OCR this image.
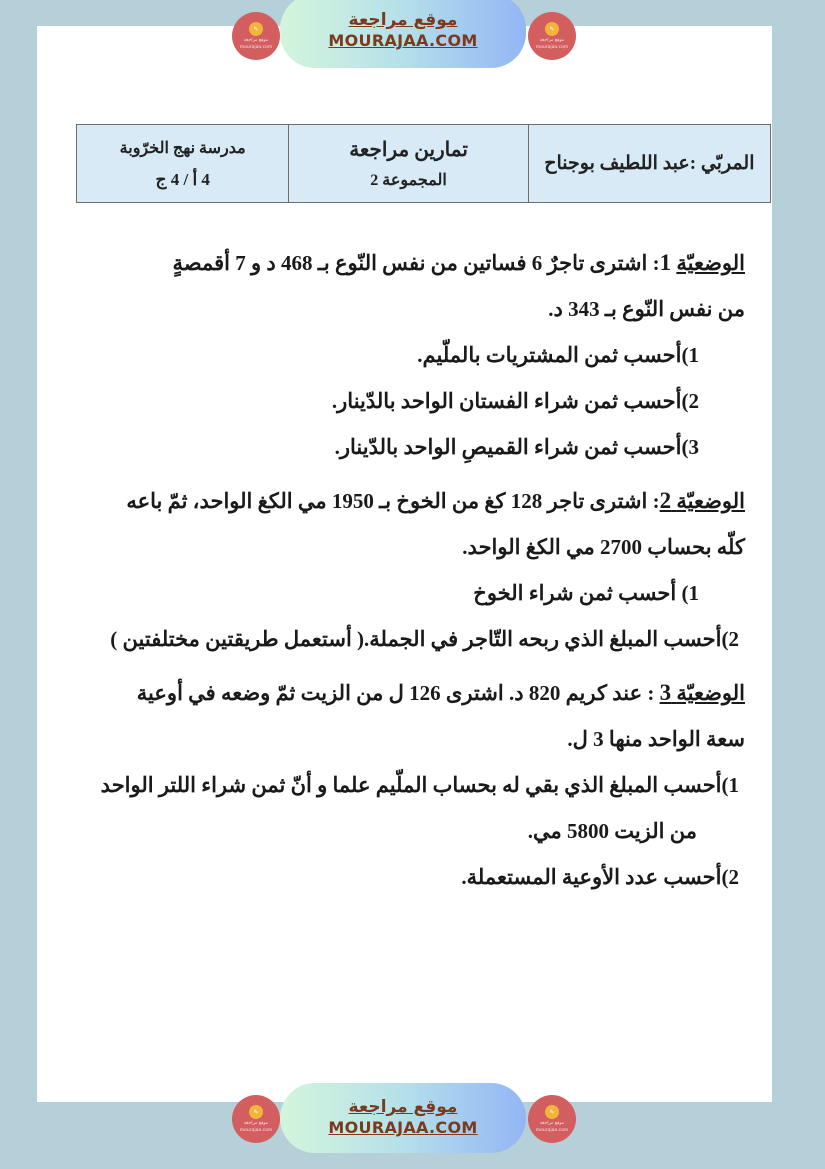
✎
موقع مراجعة
mourajaa.com
موقع مراجعة
MOURAJAA.COM
✎
موقع مراجعة
mourajaa.com
المربّي :عبد اللطيف بوجناح
تمارين مراجعة
المجموعة 2
مدرسة نهج الخرّوبة
4 أ / 4 ج
الوضعيّة 1: اشترى تاجرٌ 6 فساتين من نفس النّوع بـ 468 د و 7 أقمصةٍ
من نفس النّوع بـ 343 د.
1)أحسب ثمن المشتريات بالملّيم.
2)أحسب ثمن شراء الفستان الواحد بالدّينار.
3)أحسب ثمن شراء القميصِ الواحد بالدّينار.
الوضعيّة 2: اشترى تاجر 128 كغ من الخوخ بـ 1950 مي الكغ الواحد، ثمّ باعه
كلّه بحساب 2700 مي الكغ الواحد.
1) أحسب ثمن شراء الخوخ
2)أحسب المبلغ الذي ربحه التّاجر في الجملة.( أستعمل طريقتين مختلفتين )
الوضعيّة 3 : عند كريم 820 د. اشترى 126 ل من الزيت ثمّ وضعه في أوعية
سعة الواحد منها 3 ل.
1)أحسب المبلغ الذي بقي له بحساب الملّيم علما و أنّ ثمن شراء اللتر الواحد
من الزيت 5800 مي.
2)أحسب عدد الأوعية المستعملة.
✎
موقع مراجعة
mourajaa.com
موقع مراجعة
MOURAJAA.COM
✎
موقع مراجعة
mourajaa.com
